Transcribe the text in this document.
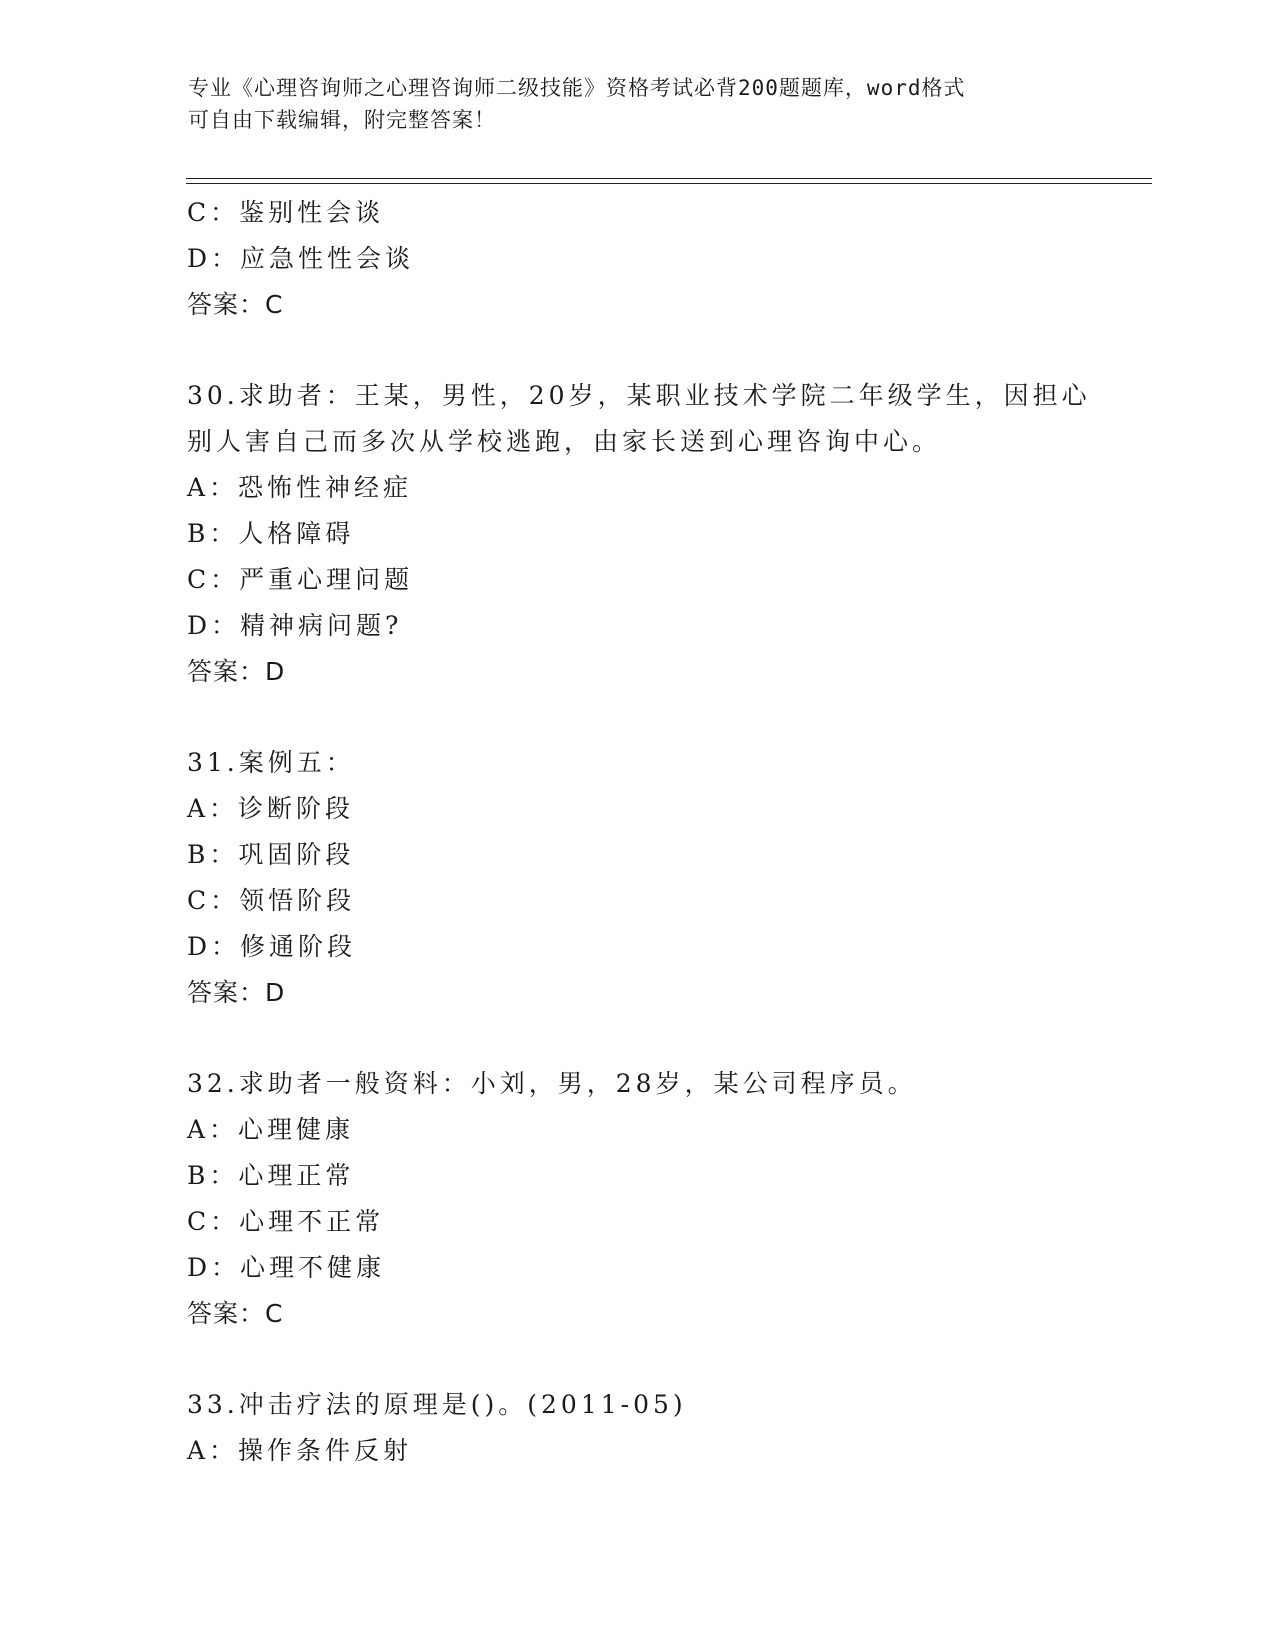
专业《心理咨询师之心理咨询师二级技能》资格考试必背200题题库，word格式
可自由下载编辑，附完整答案！
C：鉴别性会谈
D：应急性性会谈
答案：C
30.求助者：王某，男性，20岁，某职业技术学院二年级学生，因担心
别人害自己而多次从学校逃跑，由家长送到心理咨询中心。
A：恐怖性神经症
B：人格障碍
C：严重心理问题
D：精神病问题?
答案：D
31.案例五：
A：诊断阶段
B：巩固阶段
C：领悟阶段
D：修通阶段
答案：D
32.求助者一般资料：小刘，男，28岁，某公司程序员。
A：心理健康
B：心理正常
C：心理不正常
D：心理不健康
答案：C
33.冲击疗法的原理是()。(2011-05)
A：操作条件反射
